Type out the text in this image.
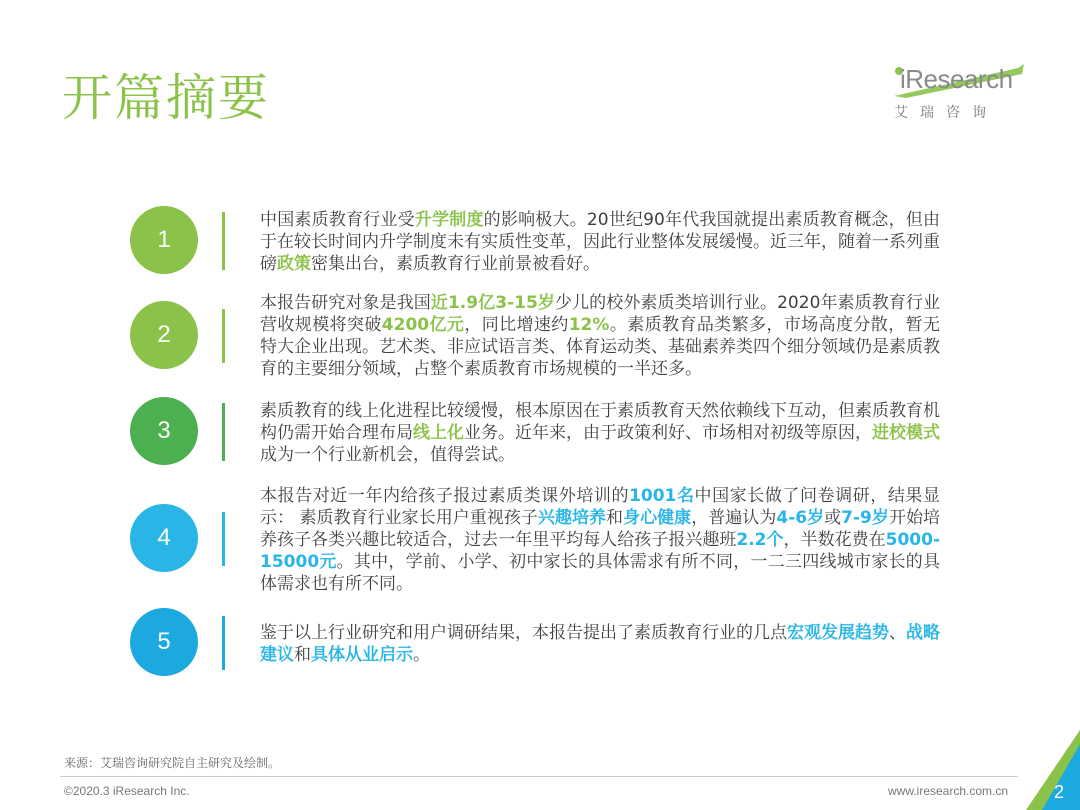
开篇摘要	iResearch
艾瑞咨询
1
中国素质教育行业受升学制度的影响极大。20世纪90年代我国就提出素质教育概念，但由于在较长时间内升学制度未有实质性变革，因此行业整体发展缓慢。近三年，随着一系列重磅政策密集出台，素质教育行业前景被看好。
2
本报告研究对象是我国近1.9亿3-15岁少儿的校外素质类培训行业。2020年素质教育行业营收规模将突破4200亿元，同比增速约12%。素质教育品类繁多，市场高度分散，暂无特大企业出现。艺术类、非应试语言类、体育运动类、基础素养类四个细分领域仍是素质教育的主要细分领域，占整个素质教育市场规模的一半还多。
3
素质教育的线上化进程比较缓慢，根本原因在于素质教育天然依赖线下互动，但素质教育机构仍需开始合理布局线上化业务。近年来，由于政策利好、市场相对初级等原因，进校模式成为一个行业新机会，值得尝试。
4
本报告对近一年内给孩子报过素质类课外培训的1001名中国家长做了问卷调研，结果显示： 素质教育行业家长用户重视孩子兴趣培养和身心健康，普遍认为4-6岁或7-9岁开始培养孩子各类兴趣比较适合，过去一年里平均每人给孩子报兴趣班2.2个，半数花费在5000-15000元。其中，学前、小学、初中家长的具体需求有所不同，一二三四线城市家长的具体需求也有所不同。
5	鉴于以上行业研究和用户调研结果，本报告提出了素质教育行业的几点宏观发展趋势、战略建议和具体从业启示。
来源：艾瑞咨询研究院自主研究及绘制。
©2020.3 iResearch Inc.	www.iresearch.com.cn	2
